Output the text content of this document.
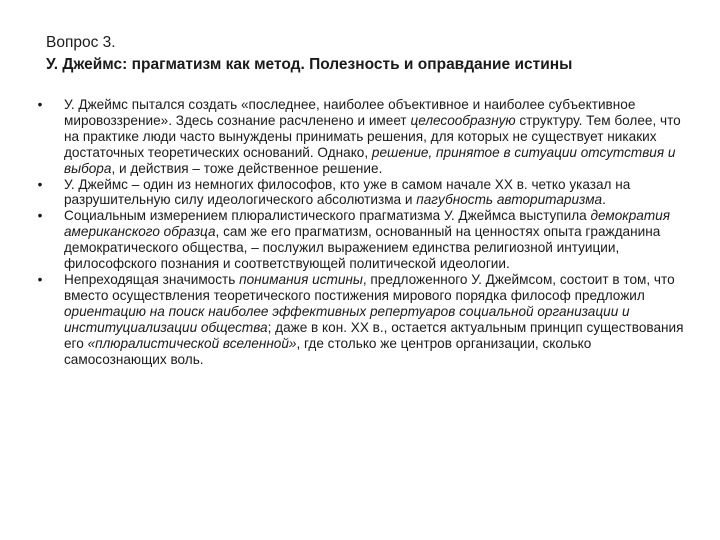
Вопрос 3.
У. Джеймс: прагматизм как метод. Полезность и оправдание истины
• У. Джеймс пытался создать «последнее, наиболее объективное и наиболее субъективное мировоззрение». Здесь сознание расчленено и имеет целесообразную структуру. Тем более, что на практике люди часто вынуждены принимать решения, для которых не существует никаких достаточных теоретических оснований. Однако, решение, принятое в ситуации отсутствия и выбора, и действия – тоже действенное решение.
• У. Джеймс – один из немногих философов, кто уже в самом начале XX в. четко указал на разрушительную силу идеологического абсолютизма и пагубность авторитаризма.
• Социальным измерением плюралистического прагматизма У. Джеймса выступила демократия американского образца, сам же его прагматизм, основанный на ценностях опыта гражданина демократического общества, – послужил выражением единства религиозной интуиции, философского познания и соответствующей политической идеологии.
• Непреходящая значимость понимания истины, предложенного У. Джеймсом, состоит в том, что вместо осуществления теоретического постижения мирового порядка философ предложил ориентацию на поиск наиболее эффективных репертуаров социальной организации и институциализации общества; даже в кон. XX в., остается актуальным принцип существования его «плюралистической вселенной», где столько же центров организации, сколько самосознающих воль.
